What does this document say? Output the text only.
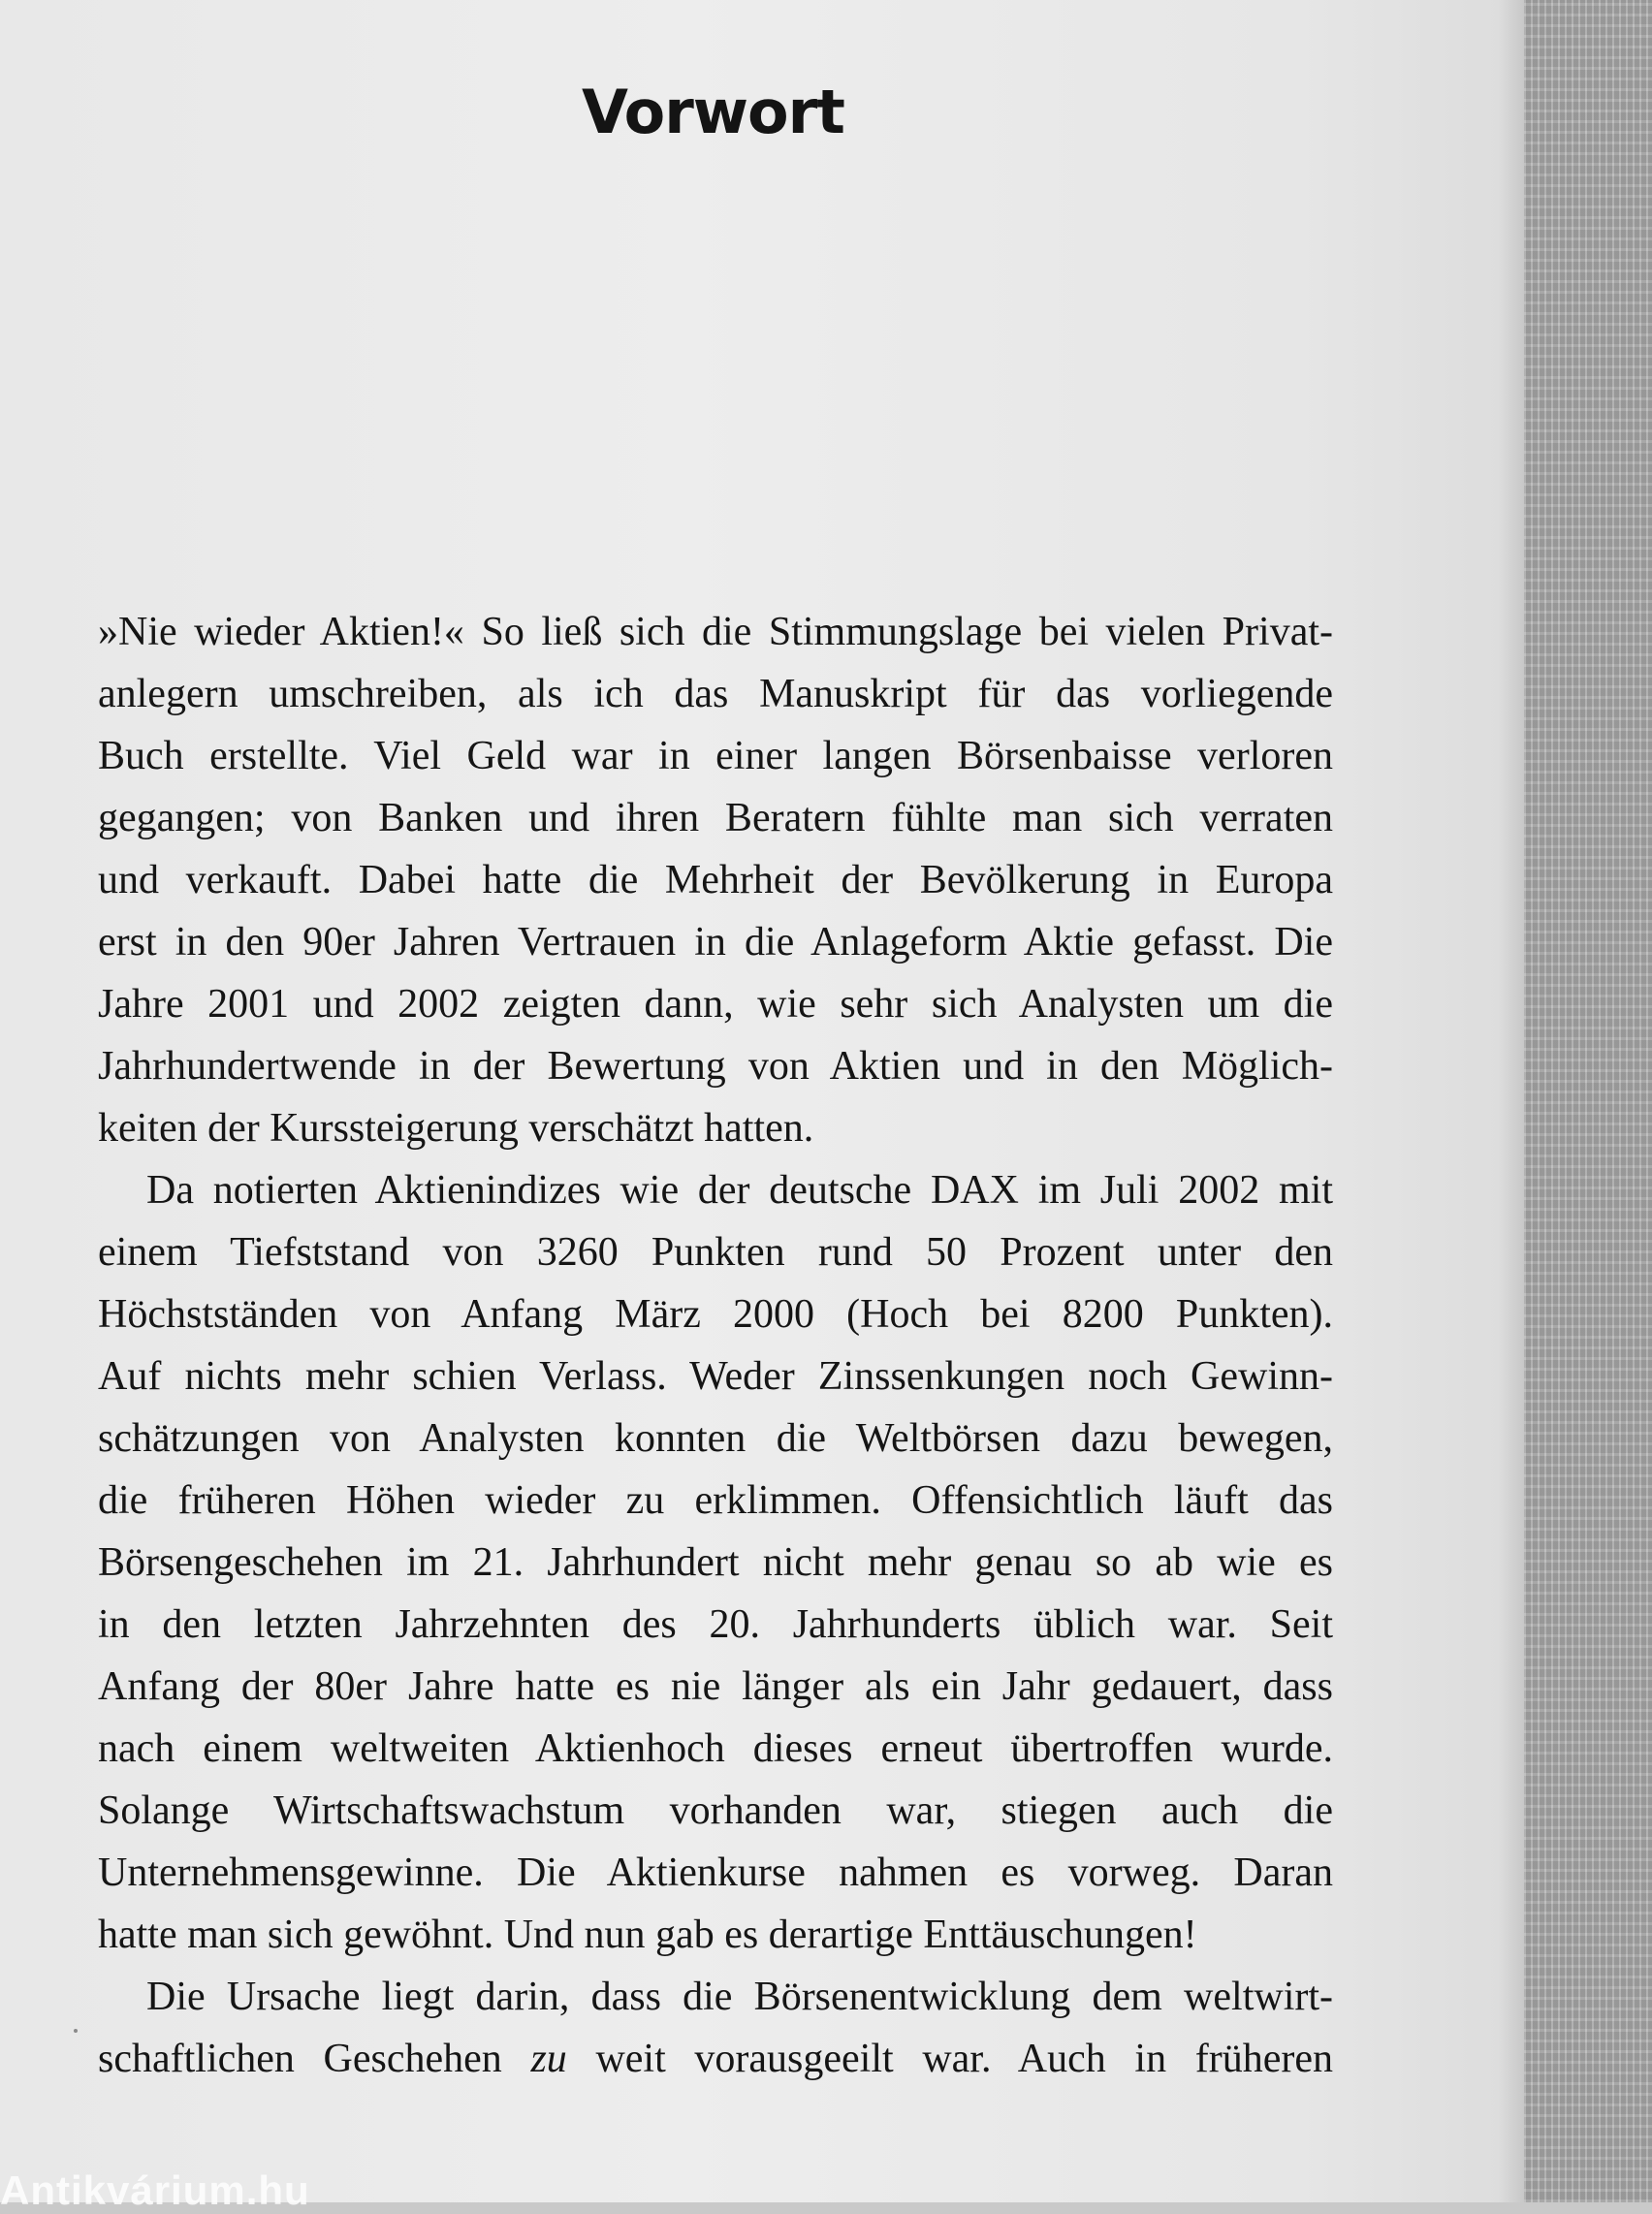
Vorwort

»Nie wieder Aktien!« So ließ sich die Stimmungslage bei vielen Privat-
anlegern umschreiben, als ich das Manuskript für das vorliegende
Buch erstellte. Viel Geld war in einer langen Börsenbaisse verloren
gegangen; von Banken und ihren Beratern fühlte man sich verraten
und verkauft. Dabei hatte die Mehrheit der Bevölkerung in Europa
erst in den 90er Jahren Vertrauen in die Anlageform Aktie gefasst. Die
Jahre 2001 und 2002 zeigten dann, wie sehr sich Analysten um die
Jahrhundertwende in der Bewertung von Aktien und in den Möglich-
keiten der Kurssteigerung verschätzt hatten.

Da notierten Aktienindizes wie der deutsche DAX im Juli 2002 mit
einem Tiefststand von 3260 Punkten rund 50 Prozent unter den
Höchstständen von Anfang März 2000 (Hoch bei 8200 Punkten).
Auf nichts mehr schien Verlass. Weder Zinssenkungen noch Gewinn-
schätzungen von Analysten konnten die Weltbörsen dazu bewegen,
die früheren Höhen wieder zu erklimmen. Offensichtlich läuft das
Börsengeschehen im 21. Jahrhundert nicht mehr genau so ab wie es
in den letzten Jahrzehnten des 20. Jahrhunderts üblich war. Seit
Anfang der 80er Jahre hatte es nie länger als ein Jahr gedauert, dass
nach einem weltweiten Aktienhoch dieses erneut übertroffen wurde.
Solange Wirtschaftswachstum vorhanden war, stiegen auch die
Unternehmensgewinne. Die Aktienkurse nahmen es vorweg. Daran
hatte man sich gewöhnt. Und nun gab es derartige Enttäuschungen!

Die Ursache liegt darin, dass die Börsenentwicklung dem weltwirt-
schaftlichen Geschehen zu weit vorausgeeilt war. Auch in früheren

Antikvárium.hu
